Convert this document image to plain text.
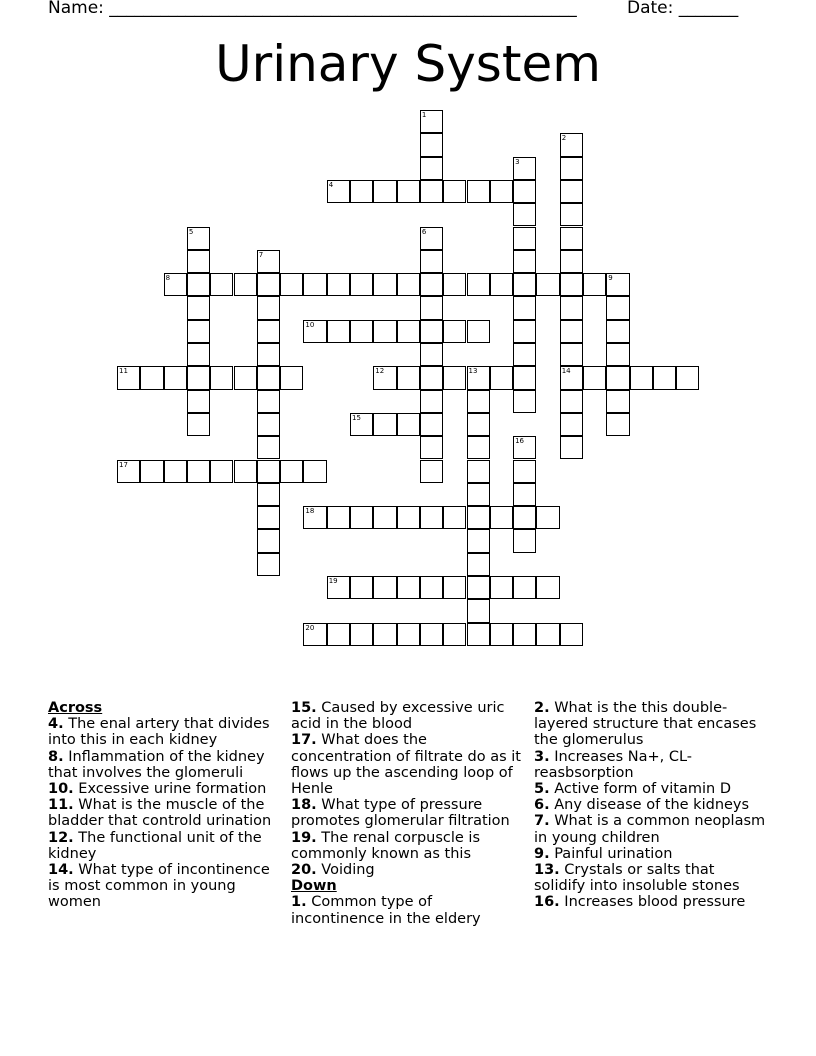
Name: _______________________________________________________	Date: _______
Urinary System
4
8
10
11	12	13	14
15
17
18
19
20
1
2
3
5	6
7
9
16

Across

4. The enal artery that divides into this in each kidney

8. Inflammation of the kidney that involves the glomeruli

10. Excessive urine formation

11. What is the muscle of the bladder that controld urination

12. The functional unit of the kidney

14. What type of incontinence is most common in young women

15. Caused by excessive uric acid in the blood

17. What does the concentration of filtrate do as it flows up the ascending loop of Henle

18. What type of pressure promotes glomerular filtration

19. The renal corpuscle is commonly known as this

20. Voiding

Down

1. Common type of incontinence in the eldery

2. What is the this double-layered structure that encases the glomerulus

3. Increases Na+, CL- reasbsorption

5. Active form of vitamin D

6. Any disease of the kidneys

7. What is a common neoplasm in young children

9. Painful urination

13. Crystals or salts that solidify into insoluble stones

16. Increases blood pressure
